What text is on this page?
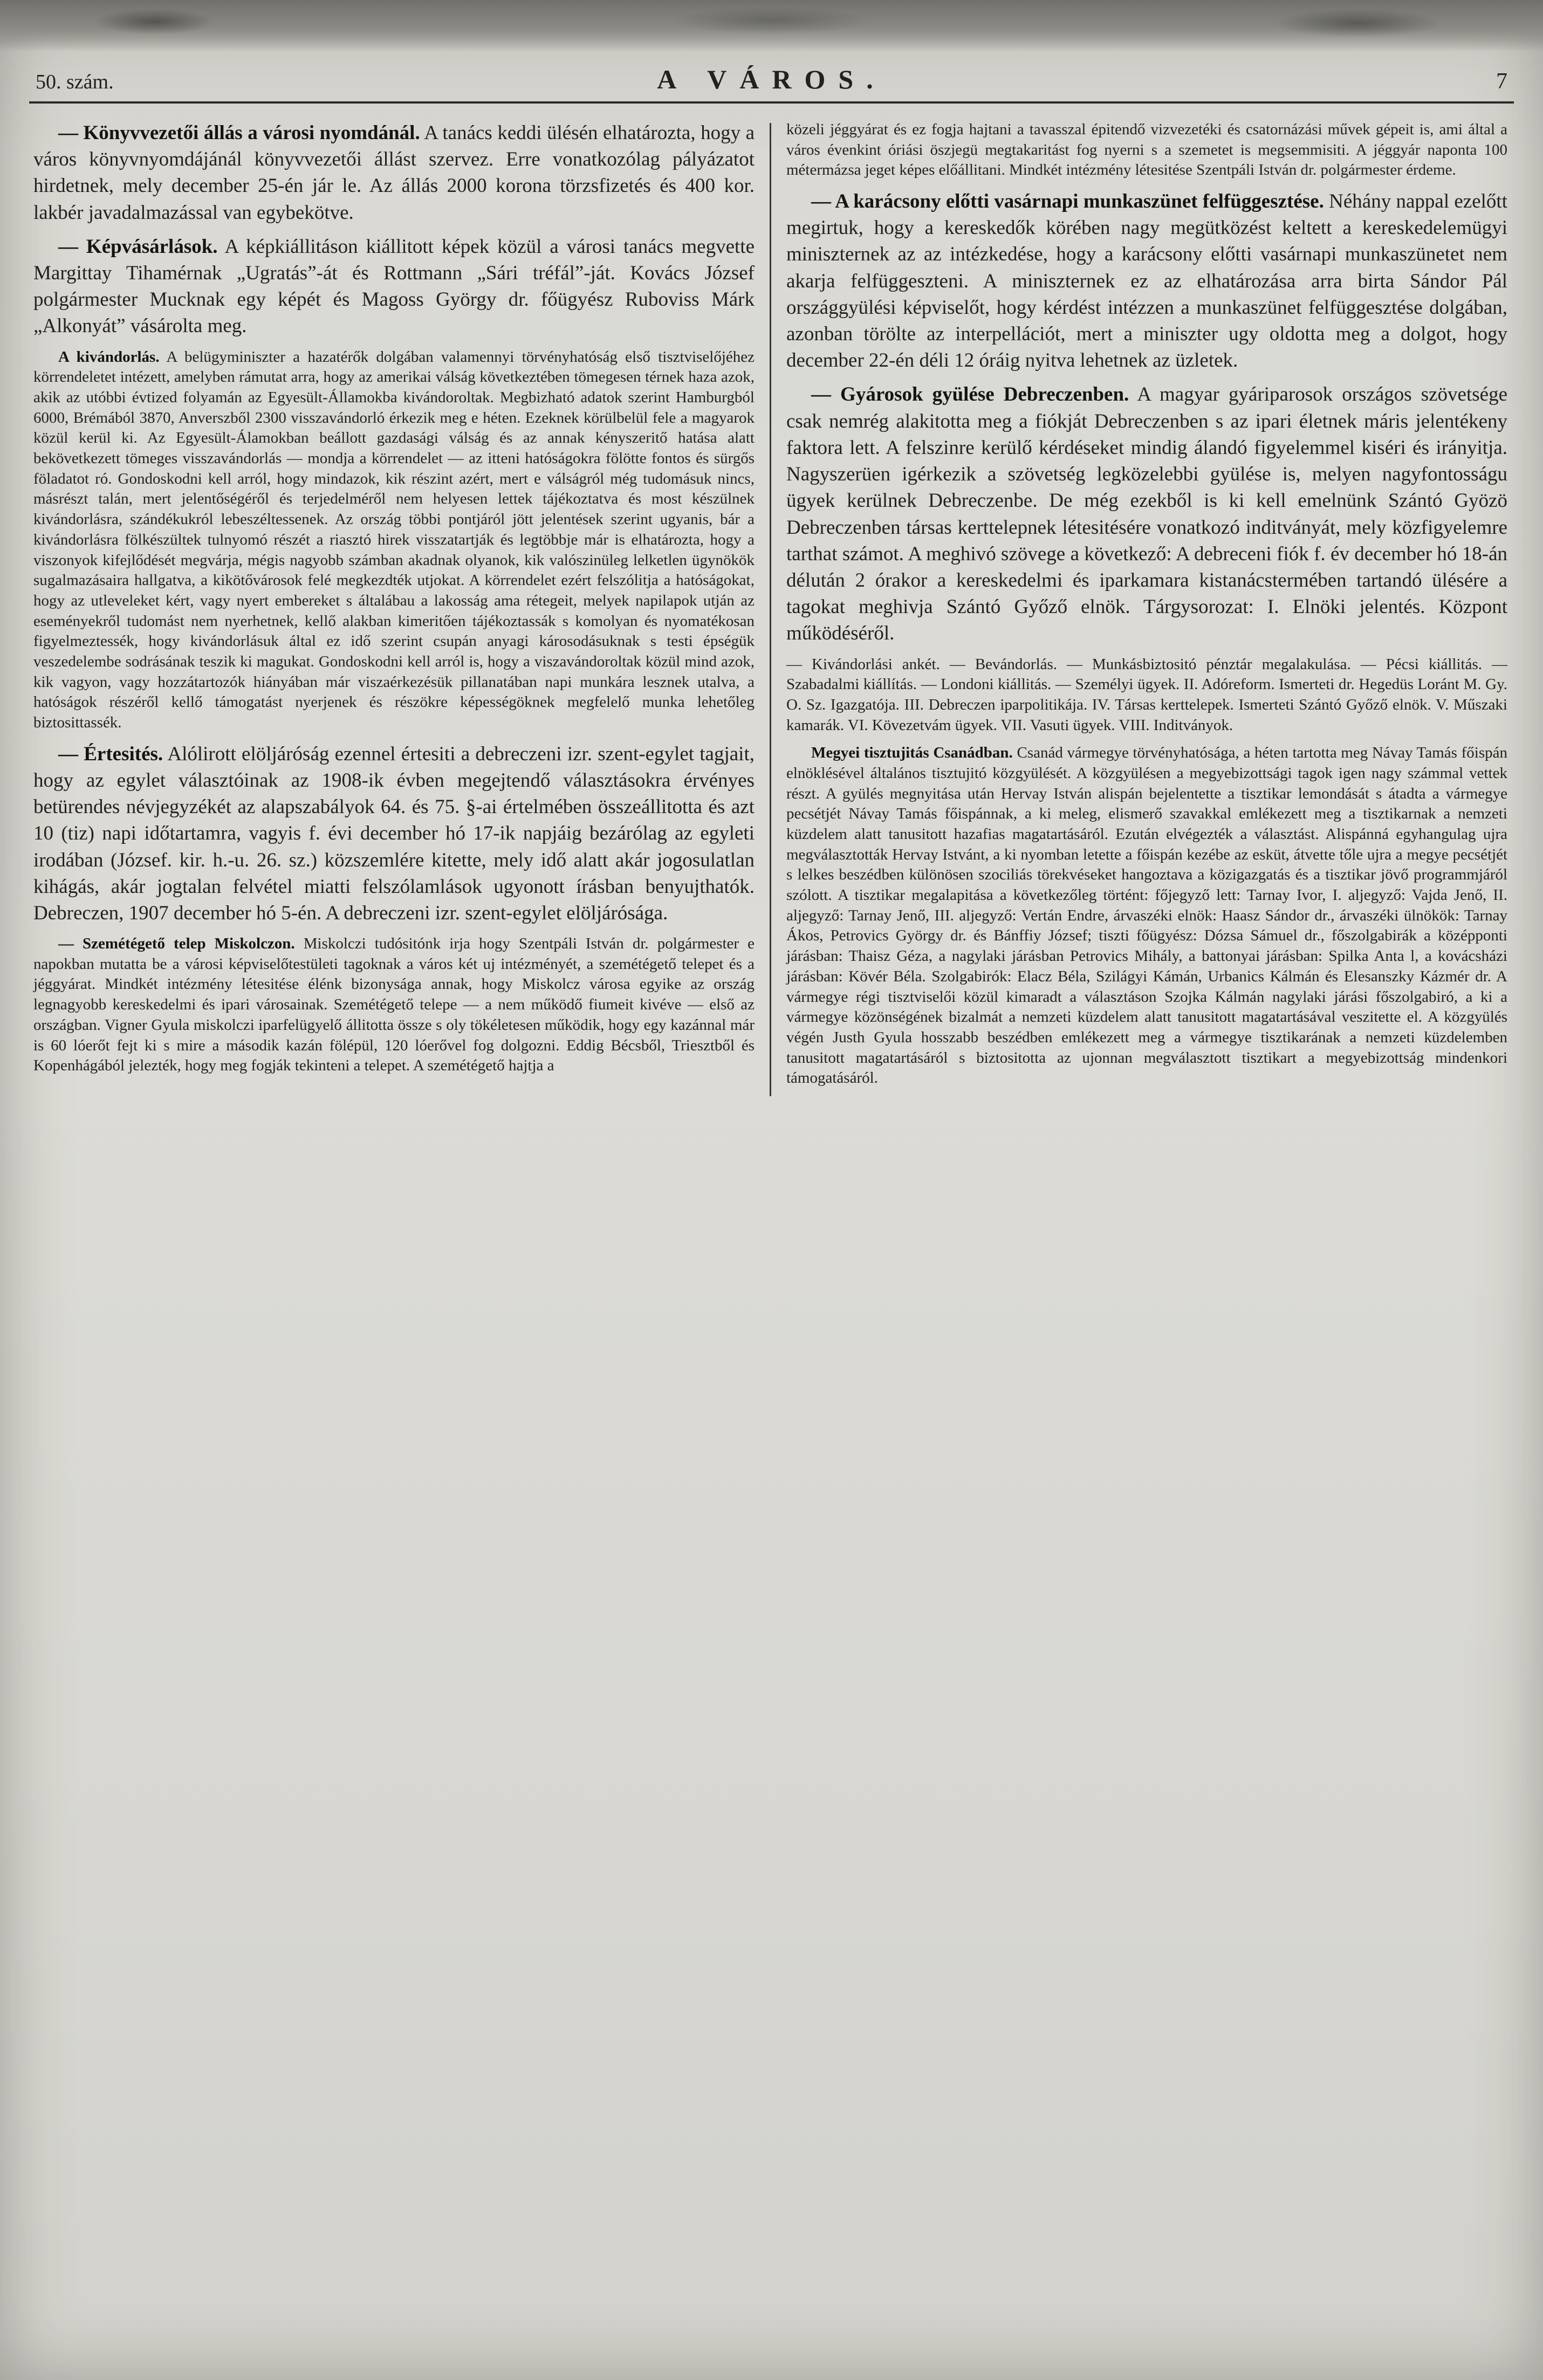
50. szám.	A VÁROS.	7

— Könyvvezetői állás a városi nyomdánál. A tanács keddi ülésén elhatározta, hogy a város könyvnyomdájánál könyvvezetői állást szervez. Erre vonatkozólag pályázatot hirdetnek, mely december 25-én jár le. Az állás 2000 korona törzsfizetés és 400 kor. lakbér javadalmazással van egybekötve.

— Képvásárlások. A képkiállitáson kiállitott képek közül a városi tanács megvette Margittay Tihamérnak „Ugratás”-át és Rottmann „Sári tréfál”-ját. Kovács József polgármester Mucknak egy képét és Magoss György dr. főügyész Ruboviss Márk „Alkonyát” vásárolta meg.

A kivándorlás. A belügyminiszter a hazatérők dolgában valamennyi törvényhatóság első tisztviselőjéhez körrendeletet intézett, amelyben rámutat arra, hogy az amerikai válság következtében tömegesen térnek haza azok, akik az utóbbi évtized folyamán az Egyesült-Államokba kivándoroltak. Megbizható adatok szerint Hamburgból 6000, Brémából 3870, Anverszből 2300 visszavándorló érkezik meg e héten. Ezeknek körülbelül fele a magyarok közül kerül ki. Az Egyesült-Álamokban beállott gazdasági válság és az annak kényszeritő hatása alatt bekövetkezett tömeges visszavándorlás — mondja a körrendelet — az itteni hatóságokra fölötte fontos és sürgős föladatot ró. Gondoskodni kell arról, hogy mindazok, kik részint azért, mert e válságról még tudomásuk nincs, másrészt talán, mert jelentőségéről és terjedelméről nem helyesen lettek tájékoztatva és most készülnek kivándorlásra, szándékukról lebeszéltessenek. Az ország többi pontjáról jött jelentések szerint ugyanis, bár a kivándorlásra fölkészültek tulnyomó részét a riasztó hirek visszatartják és legtöbbje már is elhatározta, hogy a viszonyok kifejlődését megvárja, mégis nagyobb számban akadnak olyanok, kik valószinüleg lelketlen ügynökök sugalmazásaira hallgatva, a kikötővárosok felé megkezdték utjokat. A körrendelet ezért felszólitja a hatóságokat, hogy az utleveleket kért, vagy nyert embereket s általábau a lakosság ama rétegeit, melyek napilapok utján az eseményekről tudomást nem nyerhetnek, kellő alakban kimeritően tájékoztassák s komolyan és nyomatékosan figyelmeztessék, hogy kivándorlásuk által ez idő szerint csupán anyagi károsodásuknak s testi épségük veszedelembe sodrásának teszik ki magukat. Gondoskodni kell arról is, hogy a viszavándoroltak közül mind azok, kik vagyon, vagy hozzátartozók hiányában már viszaérkezésük pillanatában napi munkára lesznek utalva, a hatóságok részéről kellő támogatást nyerjenek és részökre képességöknek megfelelő munka lehetőleg biztosittassék.

— Értesités. Alólirott elöljáróság ezennel értesiti a debreczeni izr. szent-egylet tagjait, hogy az egylet választóinak az 1908-ik évben megejtendő választásokra érvényes betürendes névjegyzékét az alapszabályok 64. és 75. §-ai értelmében összeállitotta és azt 10 (tiz) napi időtartamra, vagyis f. évi december hó 17-ik napjáig bezárólag az egyleti irodában (József. kir. h.-u. 26. sz.) közszemlére kitette, mely idő alatt akár jogosulatlan kihágás, akár jogtalan felvétel miatti felszólamlások ugyonott írásban benyujthatók. Debreczen, 1907 december hó 5-én. A debreczeni izr. szent-egylet elöljárósága.

— Szemétégető telep Miskolczon. Miskolczi tudósitónk irja hogy Szentpáli István dr. polgármester e napokban mutatta be a városi képviselőtestületi tagoknak a város két uj intézményét, a szemétégető telepet és a jéggyárat. Mindkét intézmény létesitése élénk bizonysága annak, hogy Miskolcz városa egyike az ország legnagyobb kereskedelmi és ipari városainak. Szemétégető telepe — a nem működő fiumeit kivéve — első az országban. Vigner Gyula miskolczi iparfelügyelő állitotta össze s oly tökéletesen működik, hogy egy kazánnal már is 60 lóerőt fejt ki s mire a második kazán fölépül, 120 lóerővel fog dolgozni. Eddig Bécsből, Triesztből és Kopenhágából jelezték, hogy meg fogják tekinteni a telepet. A szemétégető hajtja a

közeli jéggyárat és ez fogja hajtani a tavasszal épitendő vizvezetéki és csatornázási művek gépeit is, ami által a város évenkint óriási öszjegü megtakaritást fog nyerni s a szemetet is megsemmisiti. A jéggyár naponta 100 métermázsa jeget képes előállitani. Mindkét intézmény létesitése Szentpáli István dr. polgármester érdeme.

— A karácsony előtti vasárnapi munkaszünet felfüggesztése. Néhány nappal ezelőtt megirtuk, hogy a kereskedők körében nagy megütközést keltett a kereskedelemügyi miniszternek az az intézkedése, hogy a karácsony előtti vasárnapi munkaszünetet nem akarja felfüggeszteni. A miniszternek ez az elhatározása arra birta Sándor Pál országgyülési képviselőt, hogy kérdést intézzen a munkaszünet felfüggesztése dolgában, azonban törölte az interpellációt, mert a miniszter ugy oldotta meg a dolgot, hogy december 22-én déli 12 óráig nyitva lehetnek az üzletek.

— Gyárosok gyülése Debreczenben. A magyar gyáriparosok országos szövetsége csak nemrég alakitotta meg a fiókját Debreczenben s az ipari életnek máris jelentékeny faktora lett. A felszinre kerülő kérdéseket mindig álandó figyelemmel kiséri és irányitja. Nagyszerüen igérkezik a szövetség legközelebbi gyülése is, melyen nagyfontosságu ügyek kerülnek Debreczenbe. De még ezekből is ki kell emelnünk Szántó Gyözö Debreczenben társas kerttelepnek létesitésére vonatkozó inditványát, mely közfigyelemre tarthat számot. A meghivó szövege a következő: A debreceni fiók f. év december hó 18-án délután 2 órakor a kereskedelmi és iparkamara kistanácstermében tartandó ülésére a tagokat meghivja Szántó Győző elnök. Tárgysorozat: I. Elnöki jelentés. Központ működéséről.

— Kivándorlási ankét. — Bevándorlás. — Munkásbiztositó pénztár megalakulása. — Pécsi kiállitás. — Szabadalmi kiállítás. — Londoni kiállitás. — Személyi ügyek. II. Adóreform. Ismerteti dr. Hegedüs Loránt M. Gy. O. Sz. Igazgatója. III. Debreczen iparpolitikája. IV. Társas kerttelepek. Ismerteti Szántó Győző elnök. V. Műszaki kamarák. VI. Kövezetvám ügyek. VII. Vasuti ügyek. VIII. Inditványok.

Megyei tisztujitás Csanádban. Csanád vármegye törvényhatósága, a héten tartotta meg Návay Tamás főispán elnöklésével általános tisztujitó közgyülését. A közgyülésen a megyebizottsági tagok igen nagy számmal vettek részt. A gyülés megnyitása után Hervay István alispán bejelentette a tisztikar lemondását s átadta a vármegye pecsétjét Návay Tamás főispánnak, a ki meleg, elismerő szavakkal emlékezett meg a tisztikarnak a nemzeti küzdelem alatt tanusitott hazafias magatartásáról. Ezután elvégezték a választást. Alispánná egyhangulag ujra megválasztották Hervay Istvánt, a ki nyomban letette a főispán kezébe az esküt, átvette tőle ujra a megye pecsétjét s lelkes beszédben különösen szociliás törekvéseket hangoztava a közigazgatás és a tisztikar jövő programmjáról szólott. A tisztikar megalapitása a következőleg történt: főjegyző lett: Tarnay Ivor, I. aljegyző: Vajda Jenő, II. aljegyző: Tarnay Jenő, III. aljegyző: Vertán Endre, árvaszéki elnök: Haasz Sándor dr., árvaszéki ülnökök: Tarnay Ákos, Petrovics György dr. és Bánffiy József; tiszti főügyész: Dózsa Sámuel dr., főszolgabirák a középponti járásban: Thaisz Géza, a nagylaki járásban Petrovics Mihály, a battonyai járásban: Spilka Anta l, a kovácsházi járásban: Kövér Béla. Szolgabirók: Elacz Béla, Szilágyi Kámán, Urbanics Kálmán és Elesanszky Kázmér dr. A vármegye régi tisztviselői közül kimaradt a választáson Szojka Kálmán nagylaki járási főszolgabiró, a ki a vármegye közönségének bizalmát a nemzeti küzdelem alatt tanusitott magatartásával veszitette el. A közgyülés végén Justh Gyula hosszabb beszédben emlékezett meg a vármegye tisztikarának a nemzeti küzdelemben tanusitott magatartásáról s biztositotta az ujonnan megválasztott tisztikart a megyebizottság mindenkori támogatásáról.
